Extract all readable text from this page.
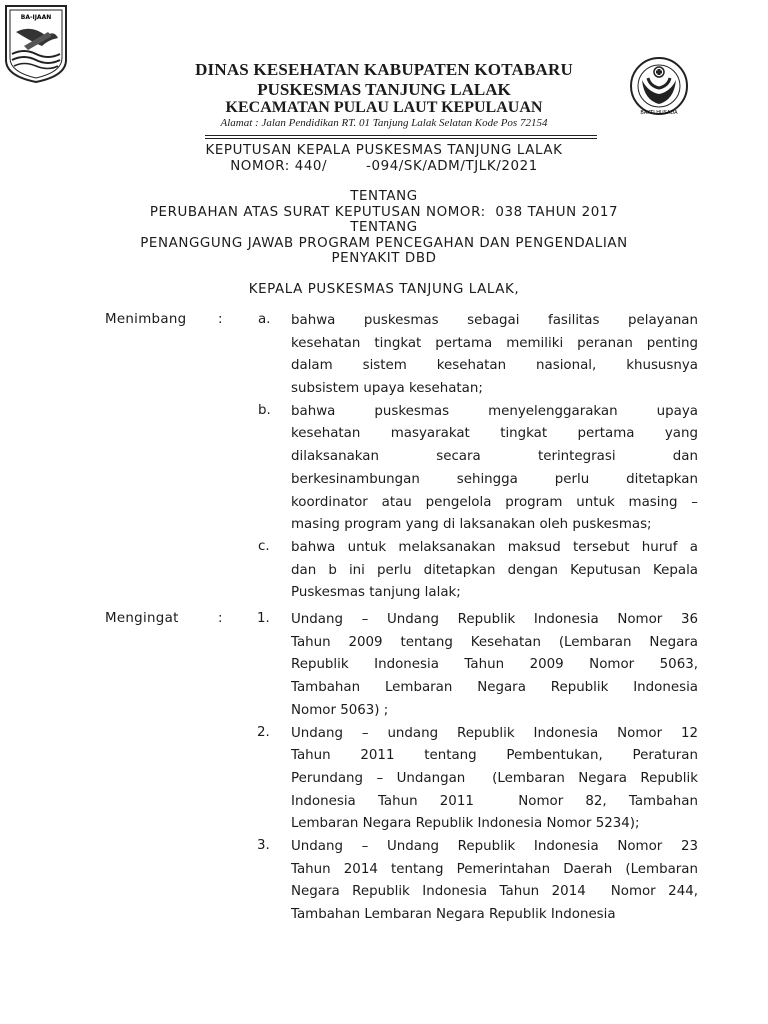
BA-IJAAN
DINAS KESEHATAN KABUPATEN KOTABARU
PUSKESMAS TANJUNG LALAK
KECAMATAN PULAU LAUT KEPULAUAN
Alamat : Jalan Pendidikan RT. 01 Tanjung Lalak Selatan Kode Pos 72154
BAKTI HUSADA
KEPUTUSAN KEPALA PUSKESMAS TANJUNG LALAK
NOMOR: 440/        -094/SK/ADM/TJLK/2021
TENTANG
PERUBAHAN ATAS SURAT KEPUTUSAN NOMOR:  038 TAHUN 2017
TENTANG
PENANGGUNG JAWAB PROGRAM PENCEGAHAN DAN PENGENDALIAN
PENYAKIT DBD
KEPALA PUSKESMAS TANJUNG LALAK,
Menimbang :
Mengingat	:
a. bahwa puskesmas sebagai fasilitas pelayanan
kesehatan tingkat pertama memiliki peranan penting
dalam sistem kesehatan nasional, khususnya
subsistem upaya kesehatan;
b. bahwa puskesmas menyelenggarakan upaya
kesehatan masyarakat tingkat pertama yang
dilaksanakan secara terintegrasi dan
berkesinambungan sehingga perlu ditetapkan
koordinator atau pengelola program untuk masing –
masing program yang di laksanakan oleh puskesmas;
c. bahwa untuk melaksanakan maksud tersebut huruf a
dan b ini perlu ditetapkan dengan Keputusan Kepala
Puskesmas tanjung lalak;
1. Undang – Undang Republik Indonesia Nomor 36
Tahun 2009 tentang Kesehatan (Lembaran Negara
Republik Indonesia Tahun 2009 Nomor 5063,
Tambahan Lembaran Negara Republik Indonesia
Nomor 5063) ;
2. Undang – undang Republik Indonesia Nomor 12
Tahun 2011 tentang Pembentukan, Peraturan
Perundang – Undangan  (Lembaran Negara Republik
Indonesia Tahun 2011  Nomor 82, Tambahan
Lembaran Negara Republik Indonesia Nomor 5234);
3. Undang – Undang Republik Indonesia Nomor 23
Tahun 2014 tentang Pemerintahan Daerah (Lembaran
Negara Republik Indonesia Tahun 2014  Nomor 244,
Tambahan Lembaran Negara Republik Indonesia
